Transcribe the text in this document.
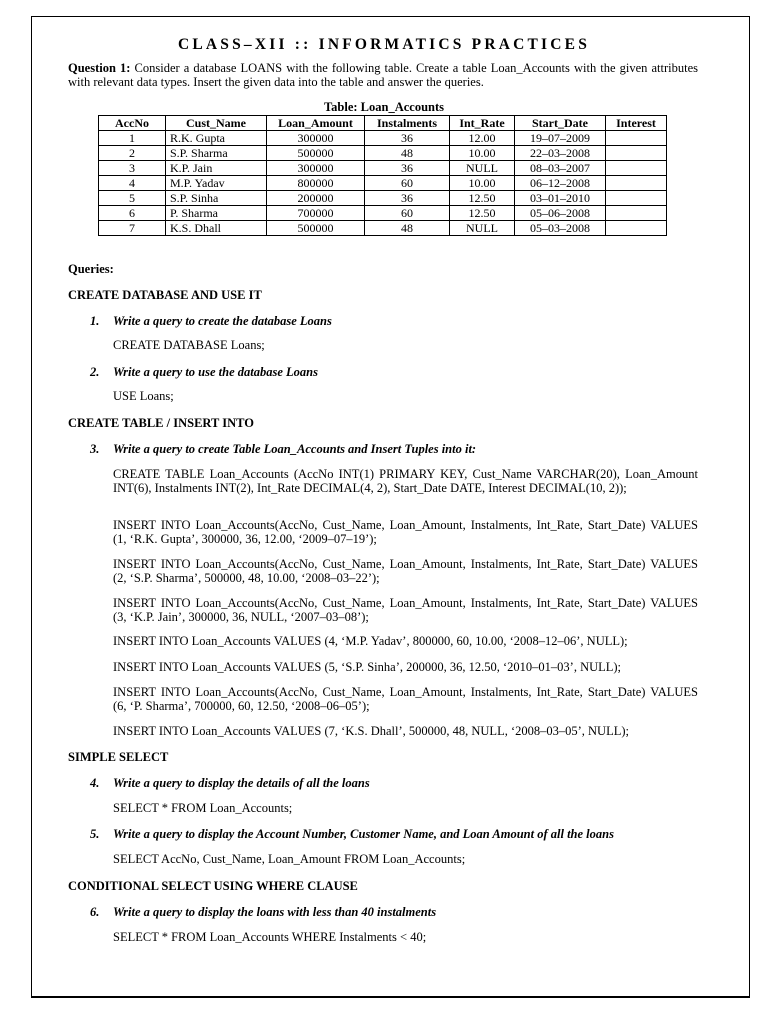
CLASS–XII :: INFORMATICS PRACTICES
Question 1: Consider a database LOANS with the following table. Create a table Loan_Accounts with the given attributes with relevant data types. Insert the given data into the table and answer the queries.
Table: Loan_Accounts
AccNo	Cust_Name	Loan_Amount	Instalments	Int_Rate	Start_Date	Interest
1	R.K. Gupta	300000	36	12.00	19–07–2009	
2	S.P. Sharma	500000	48	10.00	22–03–2008	
3	K.P. Jain	300000	36	NULL	08–03–2007	
4	M.P. Yadav	800000	60	10.00	06–12–2008	
5	S.P. Sinha	200000	36	12.50	03–01–2010	
6	P. Sharma	700000	60	12.50	05–06–2008	
7	K.S. Dhall	500000	48	NULL	05–03–2008	
Queries:
CREATE DATABASE AND USE IT
1. Write a query to create the database Loans
CREATE DATABASE Loans;
2. Write a query to use the database Loans
USE Loans;
CREATE TABLE / INSERT INTO
3. Write a query to create Table Loan_Accounts and Insert Tuples into it:
CREATE TABLE Loan_Accounts (AccNo INT(1) PRIMARY KEY, Cust_Name VARCHAR(20), Loan_Amount INT(6), Instalments INT(2), Int_Rate DECIMAL(4, 2), Start_Date DATE, Interest DECIMAL(10, 2));
INSERT INTO Loan_Accounts(AccNo, Cust_Name, Loan_Amount, Instalments, Int_Rate, Start_Date) VALUES (1, ‘R.K. Gupta’, 300000, 36, 12.00, ‘2009–07–19’);
INSERT INTO Loan_Accounts(AccNo, Cust_Name, Loan_Amount, Instalments, Int_Rate, Start_Date) VALUES (2, ‘S.P. Sharma’, 500000, 48, 10.00, ‘2008–03–22’);
INSERT INTO Loan_Accounts(AccNo, Cust_Name, Loan_Amount, Instalments, Int_Rate, Start_Date) VALUES (3, ‘K.P. Jain’, 300000, 36, NULL, ‘2007–03–08’);
INSERT INTO Loan_Accounts VALUES (4, ‘M.P. Yadav’, 800000, 60, 10.00, ‘2008–12–06’, NULL);
INSERT INTO Loan_Accounts VALUES (5, ‘S.P. Sinha’, 200000, 36, 12.50, ‘2010–01–03’, NULL);
INSERT INTO Loan_Accounts(AccNo, Cust_Name, Loan_Amount, Instalments, Int_Rate, Start_Date) VALUES (6, ‘P. Sharma’, 700000, 60, 12.50, ‘2008–06–05’);
INSERT INTO Loan_Accounts VALUES (7, ‘K.S. Dhall’, 500000, 48, NULL, ‘2008–03–05’, NULL);
SIMPLE SELECT
4. Write a query to display the details of all the loans
SELECT * FROM Loan_Accounts;
5. Write a query to display the Account Number, Customer Name, and Loan Amount of all the loans
SELECT AccNo, Cust_Name, Loan_Amount FROM Loan_Accounts;
CONDITIONAL SELECT USING WHERE CLAUSE
6. Write a query to display the loans with less than 40 instalments
SELECT * FROM Loan_Accounts WHERE Instalments < 40;
